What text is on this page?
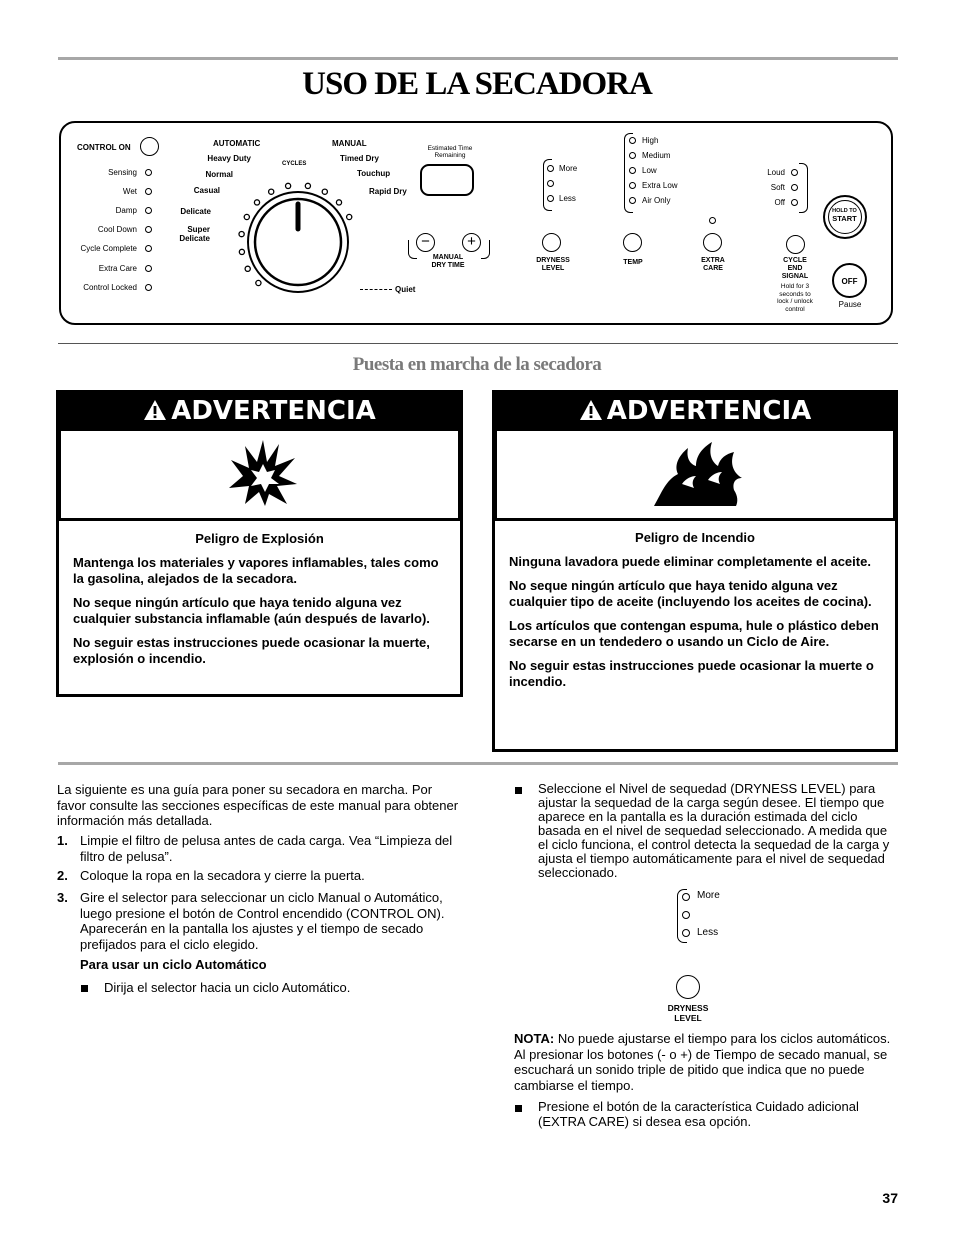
USO DE LA SECADORA
CONTROL ON
Sensing
Wet
Damp
Cool Down
Cycle Complete
Extra Care
Control Locked
AUTOMATIC	MANUAL
CYCLES
Heavy Duty
Normal
Casual
Delicate
Super
Delicate
Timed Dry
Touchup
Rapid Dry
Quiet
Estimated Time
Remaining
−	+
MANUAL
DRY TIME
More
Less
DRYNESS
LEVEL
High
Medium
Low
Extra Low
Air Only
TEMP	EXTRA
CARE
Loud
Soft
Off
CYCLE
END
SIGNAL
Hold for 3
seconds to
lock / unlock
control
HOLD TO
START
OFF
Pause
Puesta en marcha de la secadora
ADVERTENCIA

Peligro de Explosión

Mantenga los materiales y vapores inflamables, tales como la gasolina, alejados de la secadora.

No seque ningún artículo que haya tenido alguna vez cualquier substancia inflamable (aún después de lavarlo).

No seguir estas instrucciones puede ocasionar la muerte, explosión o incendio.

ADVERTENCIA

Peligro de Incendio

Ninguna lavadora puede eliminar completamente el aceite.

No seque ningún artículo que haya tenido alguna vez cualquier tipo de aceite (incluyendo los aceites de cocina).

Los artículos que contengan espuma, hule o plástico deben secarse en un tendedero o usando un Ciclo de Aire.

No seguir estas instrucciones puede ocasionar la muerte o incendio.

La siguiente es una guía para poner su secadora en marcha. Por favor consulte las secciones específicas de este manual para obtener información más detallada.
1. Limpie el filtro de pelusa antes de cada carga. Vea “Limpieza del filtro de pelusa”.
2. Coloque la ropa en la secadora y cierre la puerta.
3. Gire el selector para seleccionar un ciclo Manual o Automático, luego presione el botón de Control encendido (CONTROL ON). Aparecerán en la pantalla los ajustes y el tiempo de secado prefijados para el ciclo elegido.
Para usar un ciclo Automático
Dirija el selector hacia un ciclo Automático.
Seleccione el Nivel de sequedad (DRYNESS LEVEL) para ajustar la sequedad de la carga según desee. El tiempo que aparece en la pantalla es la duración estimada del ciclo basada en el nivel de sequedad seleccionado. A medida que el ciclo funciona, el control detecta la sequedad de la carga y ajusta el tiempo automáticamente para el nivel de sequedad seleccionado.
More
Less
DRYNESS
LEVEL
NOTA: No puede ajustarse el tiempo para los ciclos automáticos. Al presionar los botones (- o +) de Tiempo de secado manual, se escuchará un sonido triple de pitido que indica que no puede cambiarse el tiempo.
Presione el botón de la característica Cuidado adicional (EXTRA CARE) si desea esa opción.
37
